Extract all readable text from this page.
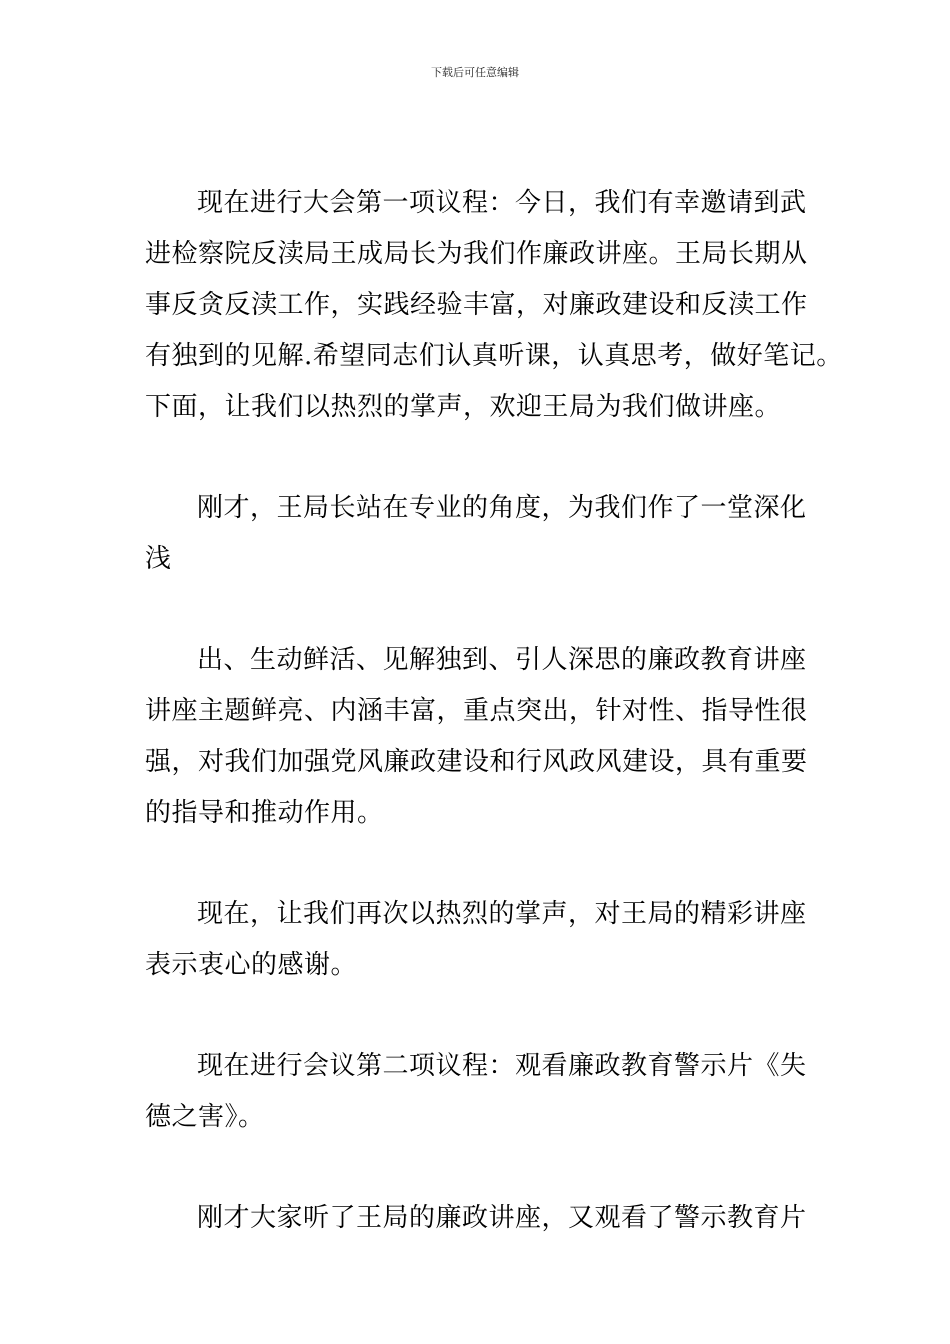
下载后可任意编辑

现在进行大会第一项议程：今日，我们有幸邀请到武
进检察院反渎局王成局长为我们作廉政讲座。王局长期从
事反贪反渎工作，实践经验丰富，对廉政建设和反渎工作
有独到的见解.希望同志们认真听课，认真思考，做好笔记。
下面，让我们以热烈的掌声，欢迎王局为我们做讲座。

刚才，王局长站在专业的角度，为我们作了一堂深化
浅

出、生动鲜活、见解独到、引人深思的廉政教育讲座
讲座主题鲜亮、内涵丰富，重点突出，针对性、指导性很
强，对我们加强党风廉政建设和行风政风建设，具有重要
的指导和推动作用。

现在，让我们再次以热烈的掌声，对王局的精彩讲座
表示衷心的感谢。

现在进行会议第二项议程：观看廉政教育警示片《失
德之害》。

刚才大家听了王局的廉政讲座，又观看了警示教育片
